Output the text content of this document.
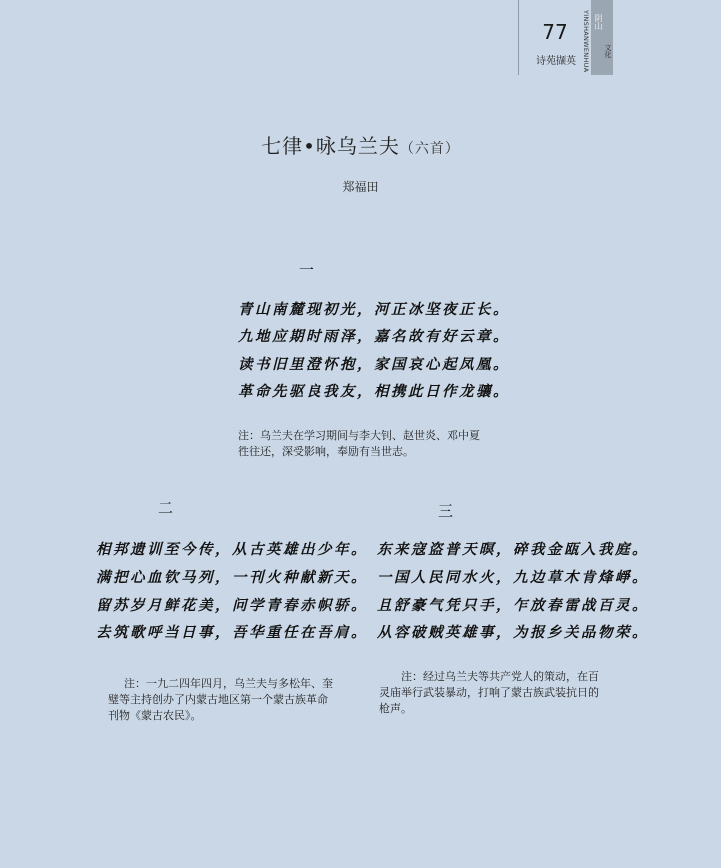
77
诗苑撷英 YINSHANWENHUA 阴山
文化
七律•咏乌兰夫（六首）
郑福田
一
青山南麓现初光，河正冰坚夜正长。
九地应期时雨泽，嘉名故有好云章。
读书旧里澄怀抱，家国哀心起凤凰。
革命先驱良我友，相携此日作龙骧。
注：乌兰夫在学习期间与李大钊、赵世炎、邓中夏
徃往还，深受影响，奉励有当世志。
二
相邦遗训至今传，从古英雄出少年。
满把心血钦马列，一刊火种献新天。
留苏岁月鲜花美，问学青春赤帜骄。
去筑歌呼当日事，吾华重任在吾肩。
注：一九二四年四月，乌兰夫与多松年、奎
璧等主持创办了内蒙古地区第一个蒙古族革命
刊物《蒙古农民》。
三
东来寇盗普天暝，碎我金瓯入我庭。
一国人民同水火，九边草木肯烽崢。
且舒豪气凭只手，乍放春雷战百灵。
从容破贼英雄事，为报乡关品物荣。
注：经过乌兰夫等共产党人的策动，在百
灵庙举行武装暴动，打响了蒙古族武装抗日的
枪声。
